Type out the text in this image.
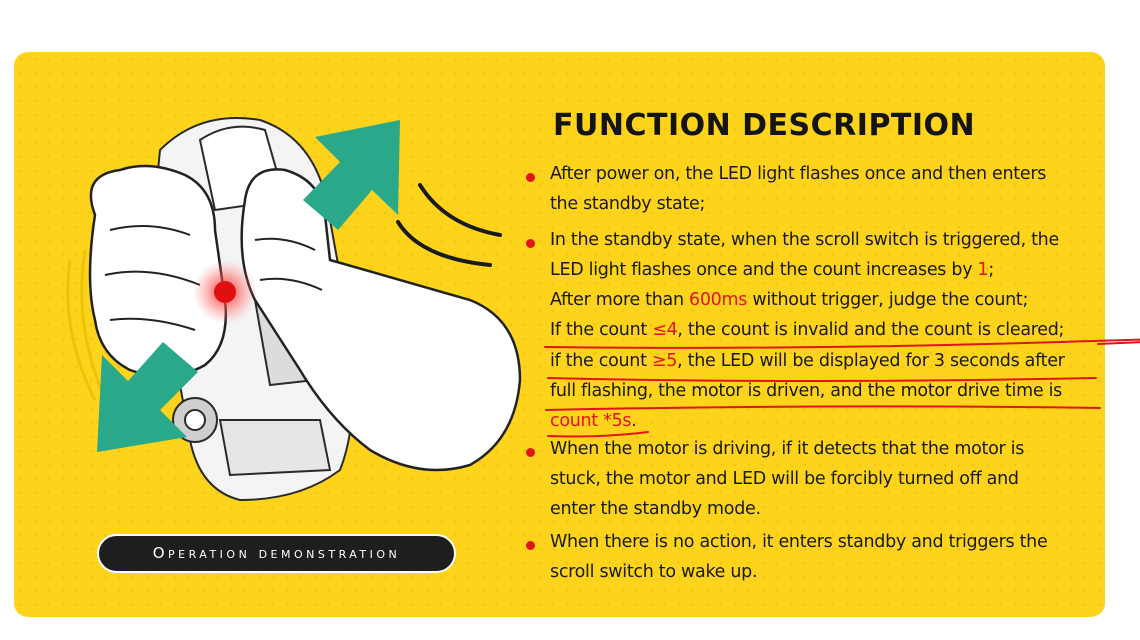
FUNCTION DESCRIPTION
After power on, the LED light flashes once and then enters
the standby state;
In the standby state, when the scroll switch is triggered, the
LED light flashes once and the count increases by 1;
After more than 600ms without trigger, judge the count;
If the count ≤4, the count is invalid and the count is cleared;
if the count ≥5, the LED will be displayed for 3 seconds after
full flashing, the motor is driven, and the motor drive time is
count *5s.
When the motor is driving, if it detects that the motor is
stuck, the motor and LED will be forcibly turned off and
enter the standby mode.
When there is no action, it enters standby and triggers the
scroll switch to wake up.
Operation demonstration
